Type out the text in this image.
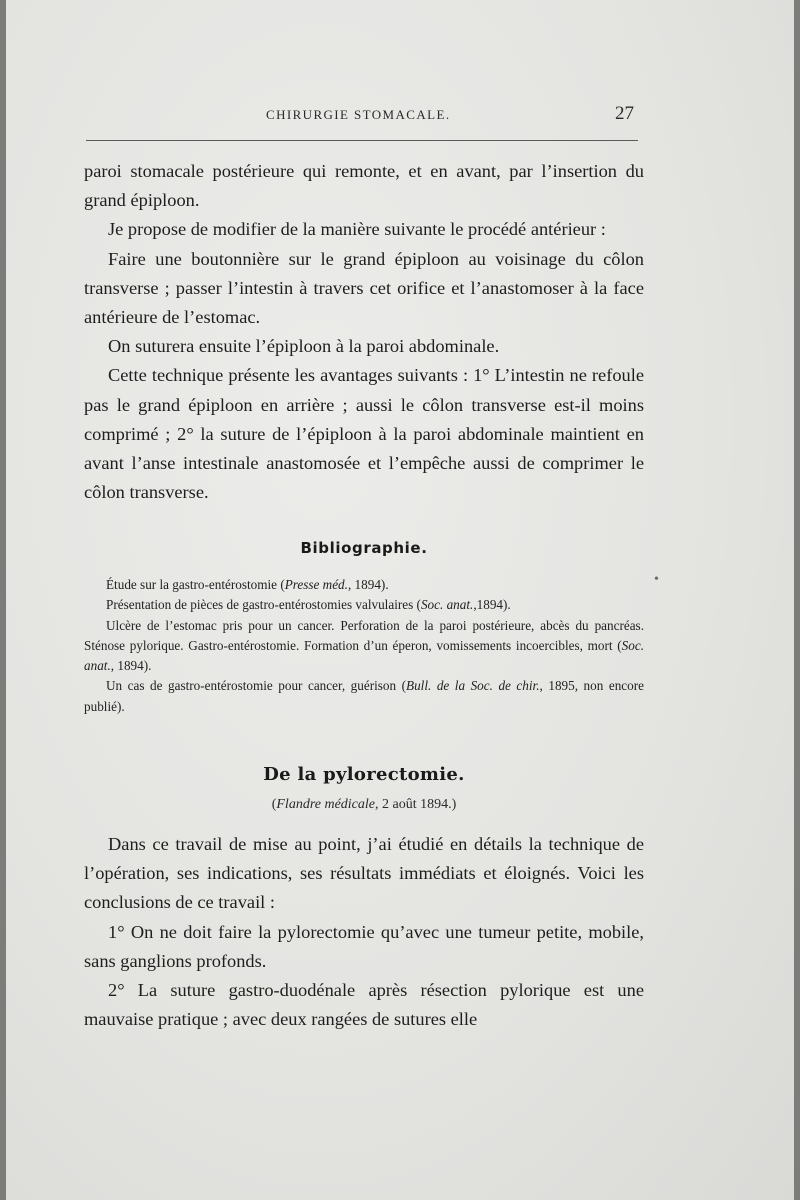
CHIRURGIE STOMACALE.	27

paroi stomacale postérieure qui remonte, et en avant, par l’insertion du grand épiploon.

Je propose de modifier de la manière suivante le procédé antérieur :

Faire une boutonnière sur le grand épiploon au voisinage du côlon transverse ; passer l’intestin à travers cet orifice et l’anastomoser à la face antérieure de l’estomac.

On suturera ensuite l’épiploon à la paroi abdominale.

Cette technique présente les avantages suivants : 1° L’intestin ne refoule pas le grand épiploon en arrière ; aussi le côlon transverse est-il moins comprimé ; 2° la suture de l’épiploon à la paroi abdominale maintient en avant l’anse intestinale anastomosée et l’empêche aussi de comprimer le côlon transverse.

Bibliographie.

Étude sur la gastro-entérostomie (Presse méd., 1894).

Présentation de pièces de gastro-entérostomies valvulaires (Soc. anat.,1894).

Ulcère de l’estomac pris pour un cancer. Perforation de la paroi postérieure, abcès du pancréas. Sténose pylorique. Gastro-entérostomie. Formation d’un éperon, vomissements incoercibles, mort (Soc. anat., 1894).

Un cas de gastro-entérostomie pour cancer, guérison (Bull. de la Soc. de chir., 1895, non encore publié).

De la pylorectomie.
(Flandre médicale, 2 août 1894.)

Dans ce travail de mise au point, j’ai étudié en détails la technique de l’opération, ses indications, ses résultats immédiats et éloignés. Voici les conclusions de ce travail :

1° On ne doit faire la pylorectomie qu’avec une tumeur petite, mobile, sans ganglions profonds.

2° La suture gastro-duodénale après résection pylorique est une mauvaise pratique ; avec deux rangées de sutures elle

•
